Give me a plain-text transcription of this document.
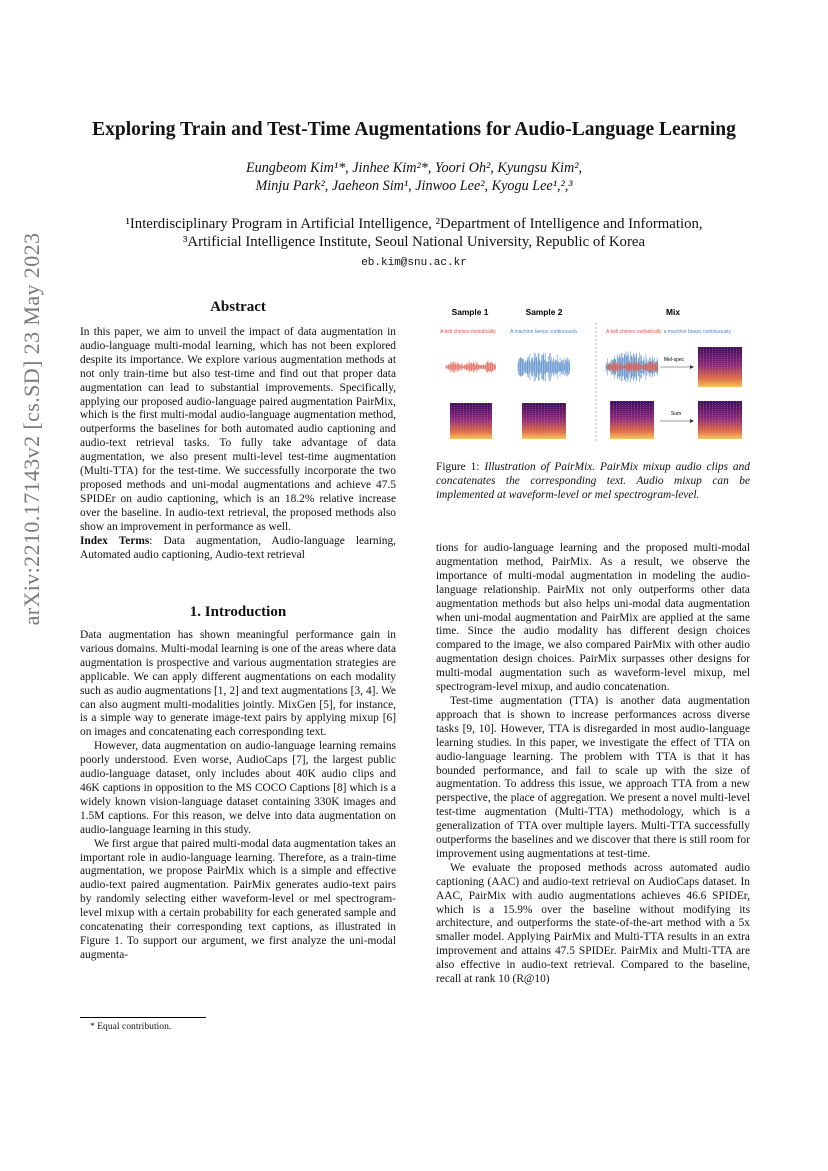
arXiv:2210.17143v2 [cs.SD] 23 May 2023
Exploring Train and Test-Time Augmentations for Audio-Language Learning
Eungbeom Kim¹*, Jinhee Kim²*, Yoori Oh², Kyungsu Kim²,
Minju Park², Jaeheon Sim¹, Jinwoo Lee², Kyogu Lee¹,²,³
¹Interdisciplinary Program in Artificial Intelligence, ²Department of Intelligence and Information,
³Artificial Intelligence Institute, Seoul National University, Republic of Korea
eb.kim@snu.ac.kr
Abstract

In this paper, we aim to unveil the impact of data augmentation in audio-language multi-modal learning, which has not been explored despite its importance. We explore various augmentation methods at not only train-time but also test-time and find out that proper data augmentation can lead to substantial improvements. Specifically, applying our proposed audio-language paired augmentation PairMix, which is the first multi-modal audio-language augmentation method, outperforms the baselines for both automated audio captioning and audio-text retrieval tasks. To fully take advantage of data augmentation, we also present multi-level test-time augmentation (Multi-TTA) for the test-time. We successfully incorporate the two proposed methods and uni-modal augmentations and achieve 47.5 SPIDEr on audio captioning, which is an 18.2% relative increase over the baseline. In audio-text retrieval, the proposed methods also show an improvement in performance as well.

Index Terms: Data augmentation, Audio-language learning, Automated audio captioning, Audio-text retrieval

1. Introduction

Data augmentation has shown meaningful performance gain in various domains. Multi-modal learning is one of the areas where data augmentation is prospective and various augmentation strategies are applicable. We can apply different augmentations on each modality such as audio augmentations [1, 2] and text augmentations [3, 4]. We can also augment multi-modalities jointly. MixGen [5], for instance, is a simple way to generate image-text pairs by applying mixup [6] on images and concatenating each corresponding text.

However, data augmentation on audio-language learning remains poorly understood. Even worse, AudioCaps [7], the largest public audio-language dataset, only includes about 40K audio clips and 46K captions in opposition to the MS COCO Captions [8] which is a widely known vision-language dataset containing 330K images and 1.5M captions. For this reason, we delve into data augmentation on audio-language learning in this study.

We first argue that paired multi-modal data augmentation takes an important role in audio-language learning. Therefore, as a train-time augmentation, we propose PairMix which is a simple and effective audio-text paired augmentation. PairMix generates audio-text pairs by randomly selecting either waveform-level or mel spectrogram-level mixup with a certain probability for each generated sample and concatenating their corresponding text captions, as illustrated in Figure 1. To support our argument, we first analyze the uni-modal augmenta-

* Equal contribution.
Sample 1	Sample 2	Mix
A bell chimes melodically	A machine beeps continuously	A bell chimes melodically a machine beeps continuously
Mel-spec
Sum
Figure 1: Illustration of PairMix. PairMix mixup audio clips and concatenates the corresponding text. Audio mixup can be implemented at waveform-level or mel spectrogram-level.

tions for audio-language learning and the proposed multi-modal augmentation method, PairMix. As a result, we observe the importance of multi-modal augmentation in modeling the audio-language relationship. PairMix not only outperforms other data augmentation methods but also helps uni-modal data augmentation when uni-modal augmentation and PairMix are applied at the same time. Since the audio modality has different design choices compared to the image, we also compared PairMix with other audio augmentation design choices. PairMix surpasses other designs for multi-modal augmentation such as waveform-level mixup, mel spectrogram-level mixup, and audio concatenation.

Test-time augmentation (TTA) is another data augmentation approach that is shown to increase performances across diverse tasks [9, 10]. However, TTA is disregarded in most audio-language learning studies. In this paper, we investigate the effect of TTA on audio-language learning. The problem with TTA is that it has bounded performance, and fail to scale up with the size of augmentation. To address this issue, we approach TTA from a new perspective, the place of aggregation. We present a novel multi-level test-time augmentation (Multi-TTA) methodology, which is a generalization of TTA over multiple layers. Multi-TTA successfully outperforms the baselines and we discover that there is still room for improvement using augmentations at test-time.

We evaluate the proposed methods across automated audio captioning (AAC) and audio-text retrieval on AudioCaps dataset. In AAC, PairMix with audio augmentations achieves 46.6 SPIDEr, which is a 15.9% over the baseline without modifying its architecture, and outperforms the state-of-the-art method with a 5x smaller model. Applying PairMix and Multi-TTA results in an extra improvement and attains 47.5 SPIDEr. PairMix and Multi-TTA are also effective in audio-text retrieval. Compared to the baseline, recall at rank 10 (R@10)
